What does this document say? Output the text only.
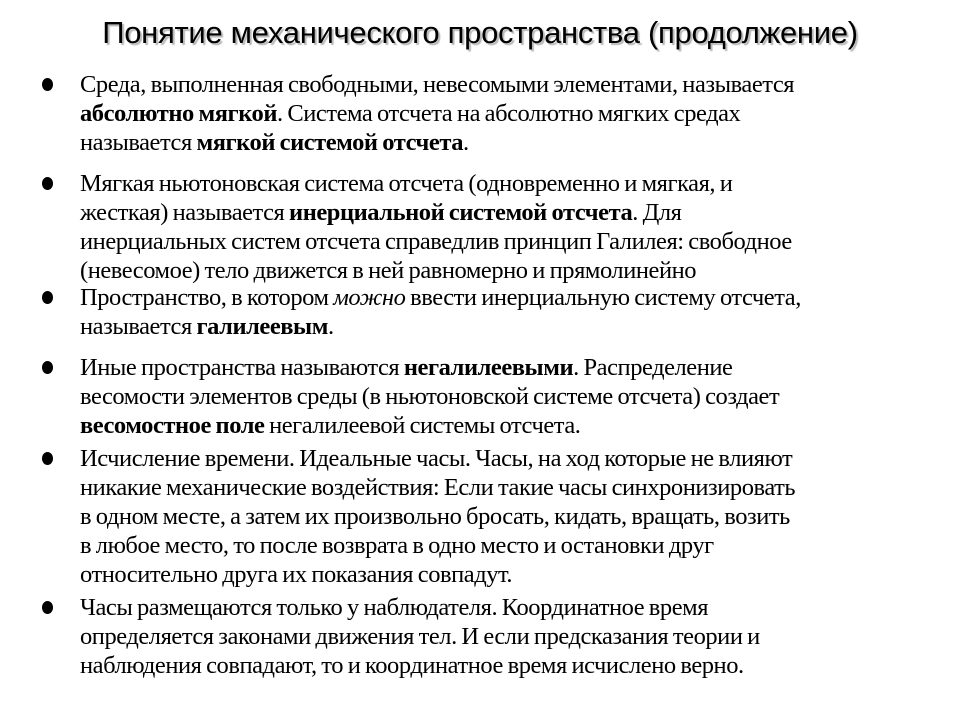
Понятие механического пространства (продолжение)
Среда, выполненная свободными, невесомыми элементами, называется
абсолютно мягкой. Система отсчета на абсолютно мягких средах
называется мягкой системой отсчета.
Мягкая ньютоновская система отсчета (одновременно и мягкая, и
жесткая) называется инерциальной системой отсчета. Для
инерциальных систем отсчета справедлив принцип Галилея: свободное
(невесомое) тело движется в ней равномерно и прямолинейно
Пространство, в котором можно ввести инерциальную систему отсчета,
называется галилеевым.
Иные пространства называются негалилеевыми. Распределение
весомости элементов среды (в ньютоновской системе отсчета) создает
весомостное поле негалилеевой системы отсчета.
Исчисление времени. Идеальные часы. Часы, на ход которые не влияют
никакие механические воздействия: Если такие часы синхронизировать
в одном месте, а затем их произвольно бросать, кидать, вращать, возить
в любое место, то после возврата в одно место и остановки друг
относительно друга их показания совпадут.
Часы размещаются только у наблюдателя. Координатное время
определяется законами движения тел. И если предсказания теории и
наблюдения совпадают, то и координатное время исчислено верно.
